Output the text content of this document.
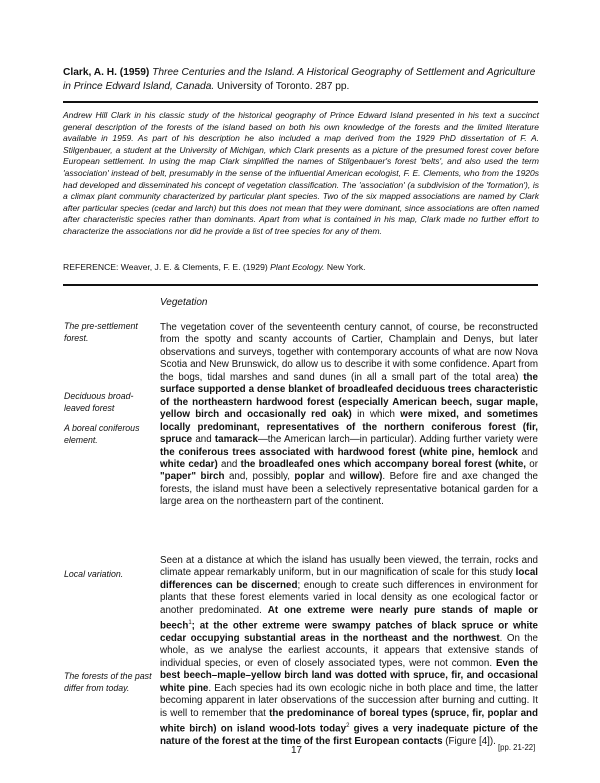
Clark, A. H. (1959) Three Centuries and the Island. A Historical Geography of Settlement and Agriculture in Prince Edward Island, Canada. University of Toronto. 287 pp.
Andrew Hill Clark in his classic study of the historical geography of Prince Edward Island presented in his text a succinct general description of the forests of the island based on both his own knowledge of the forests and the limited literature available in 1959. As part of his description he also included a map derived from the 1929 PhD dissertation of F. A. Stilgenbauer, a student at the University of Michigan, which Clark presents as a picture of the presumed forest cover before European settlement. In using the map Clark simplified the names of Stilgenbauer's forest 'belts', and also used the term 'association' instead of belt, presumably in the sense of the influential American ecologist, F. E. Clements, who from the 1920s had developed and disseminated his concept of vegetation classification. The 'association' (a subdivision of the 'formation'), is a climax plant community characterized by particular plant species. Two of the six mapped associations are named by Clark after particular species (cedar and larch) but this does not mean that they were dominant, since associations are often named after characteristic species rather than dominants. Apart from what is contained in his map, Clark made no further effort to characterize the associations nor did he provide a list of tree species for any of them.
REFERENCE: Weaver, J. E. & Clements, F. E. (1929) Plant Ecology. New York.
Vegetation
The pre-settlement forest.
Deciduous broad-leaved forest
A boreal coniferous element.
Local variation.
The forests of the past differ from today.
The vegetation cover of the seventeenth century cannot, of course, be reconstructed from the spotty and scanty accounts of Cartier, Champlain and Denys, but later observations and surveys, together with contemporary accounts of what are now Nova Scotia and New Brunswick, do allow us to describe it with some confidence. Apart from the bogs, tidal marshes and sand dunes (in all a small part of the total area) the surface supported a dense blanket of broadleafed deciduous trees characteristic of the northeastern hardwood forest (especially American beech, sugar maple, yellow birch and occasionally red oak) in which were mixed, and sometimes locally predominant, representatives of the northern coniferous forest (fir, spruce and tamarack—the American larch—in particular). Adding further variety were the coniferous trees associated with hardwood forest (white pine, hemlock and white cedar) and the broadleafed ones which accompany boreal forest (white, or "paper" birch and, possibly, poplar and willow). Before fire and axe changed the forests, the island must have been a selectively representative botanical garden for a large area on the northeastern part of the continent.
Seen at a distance at which the island has usually been viewed, the terrain, rocks and climate appear remarkably uniform, but in our magnification of scale for this study local differences can be discerned; enough to create such differences in environment for plants that these forest elements varied in local density as one ecological factor or another predominated. At one extreme were nearly pure stands of maple or beech$^1$; at the other extreme were swampy patches of black spruce or white cedar occupying substantial areas in the northeast and the northwest. On the whole, as we analyse the earliest accounts, it appears that extensive stands of individual species, or even of closely associated types, were not common. Even the best beech–maple–yellow birch land was dotted with spruce, fir, and occasional white pine. Each species had its own ecologic niche in both place and time, the latter becoming apparent in later observations of the succession after burning and cutting. It is well to remember that the predominance of boreal types (spruce, fir, poplar and white birch) on island wood-lots today$^2$ gives a very inadequate picture of the nature of the forest at the time of the first European contacts (Figure [4]).
[pp. 21-22]
17
